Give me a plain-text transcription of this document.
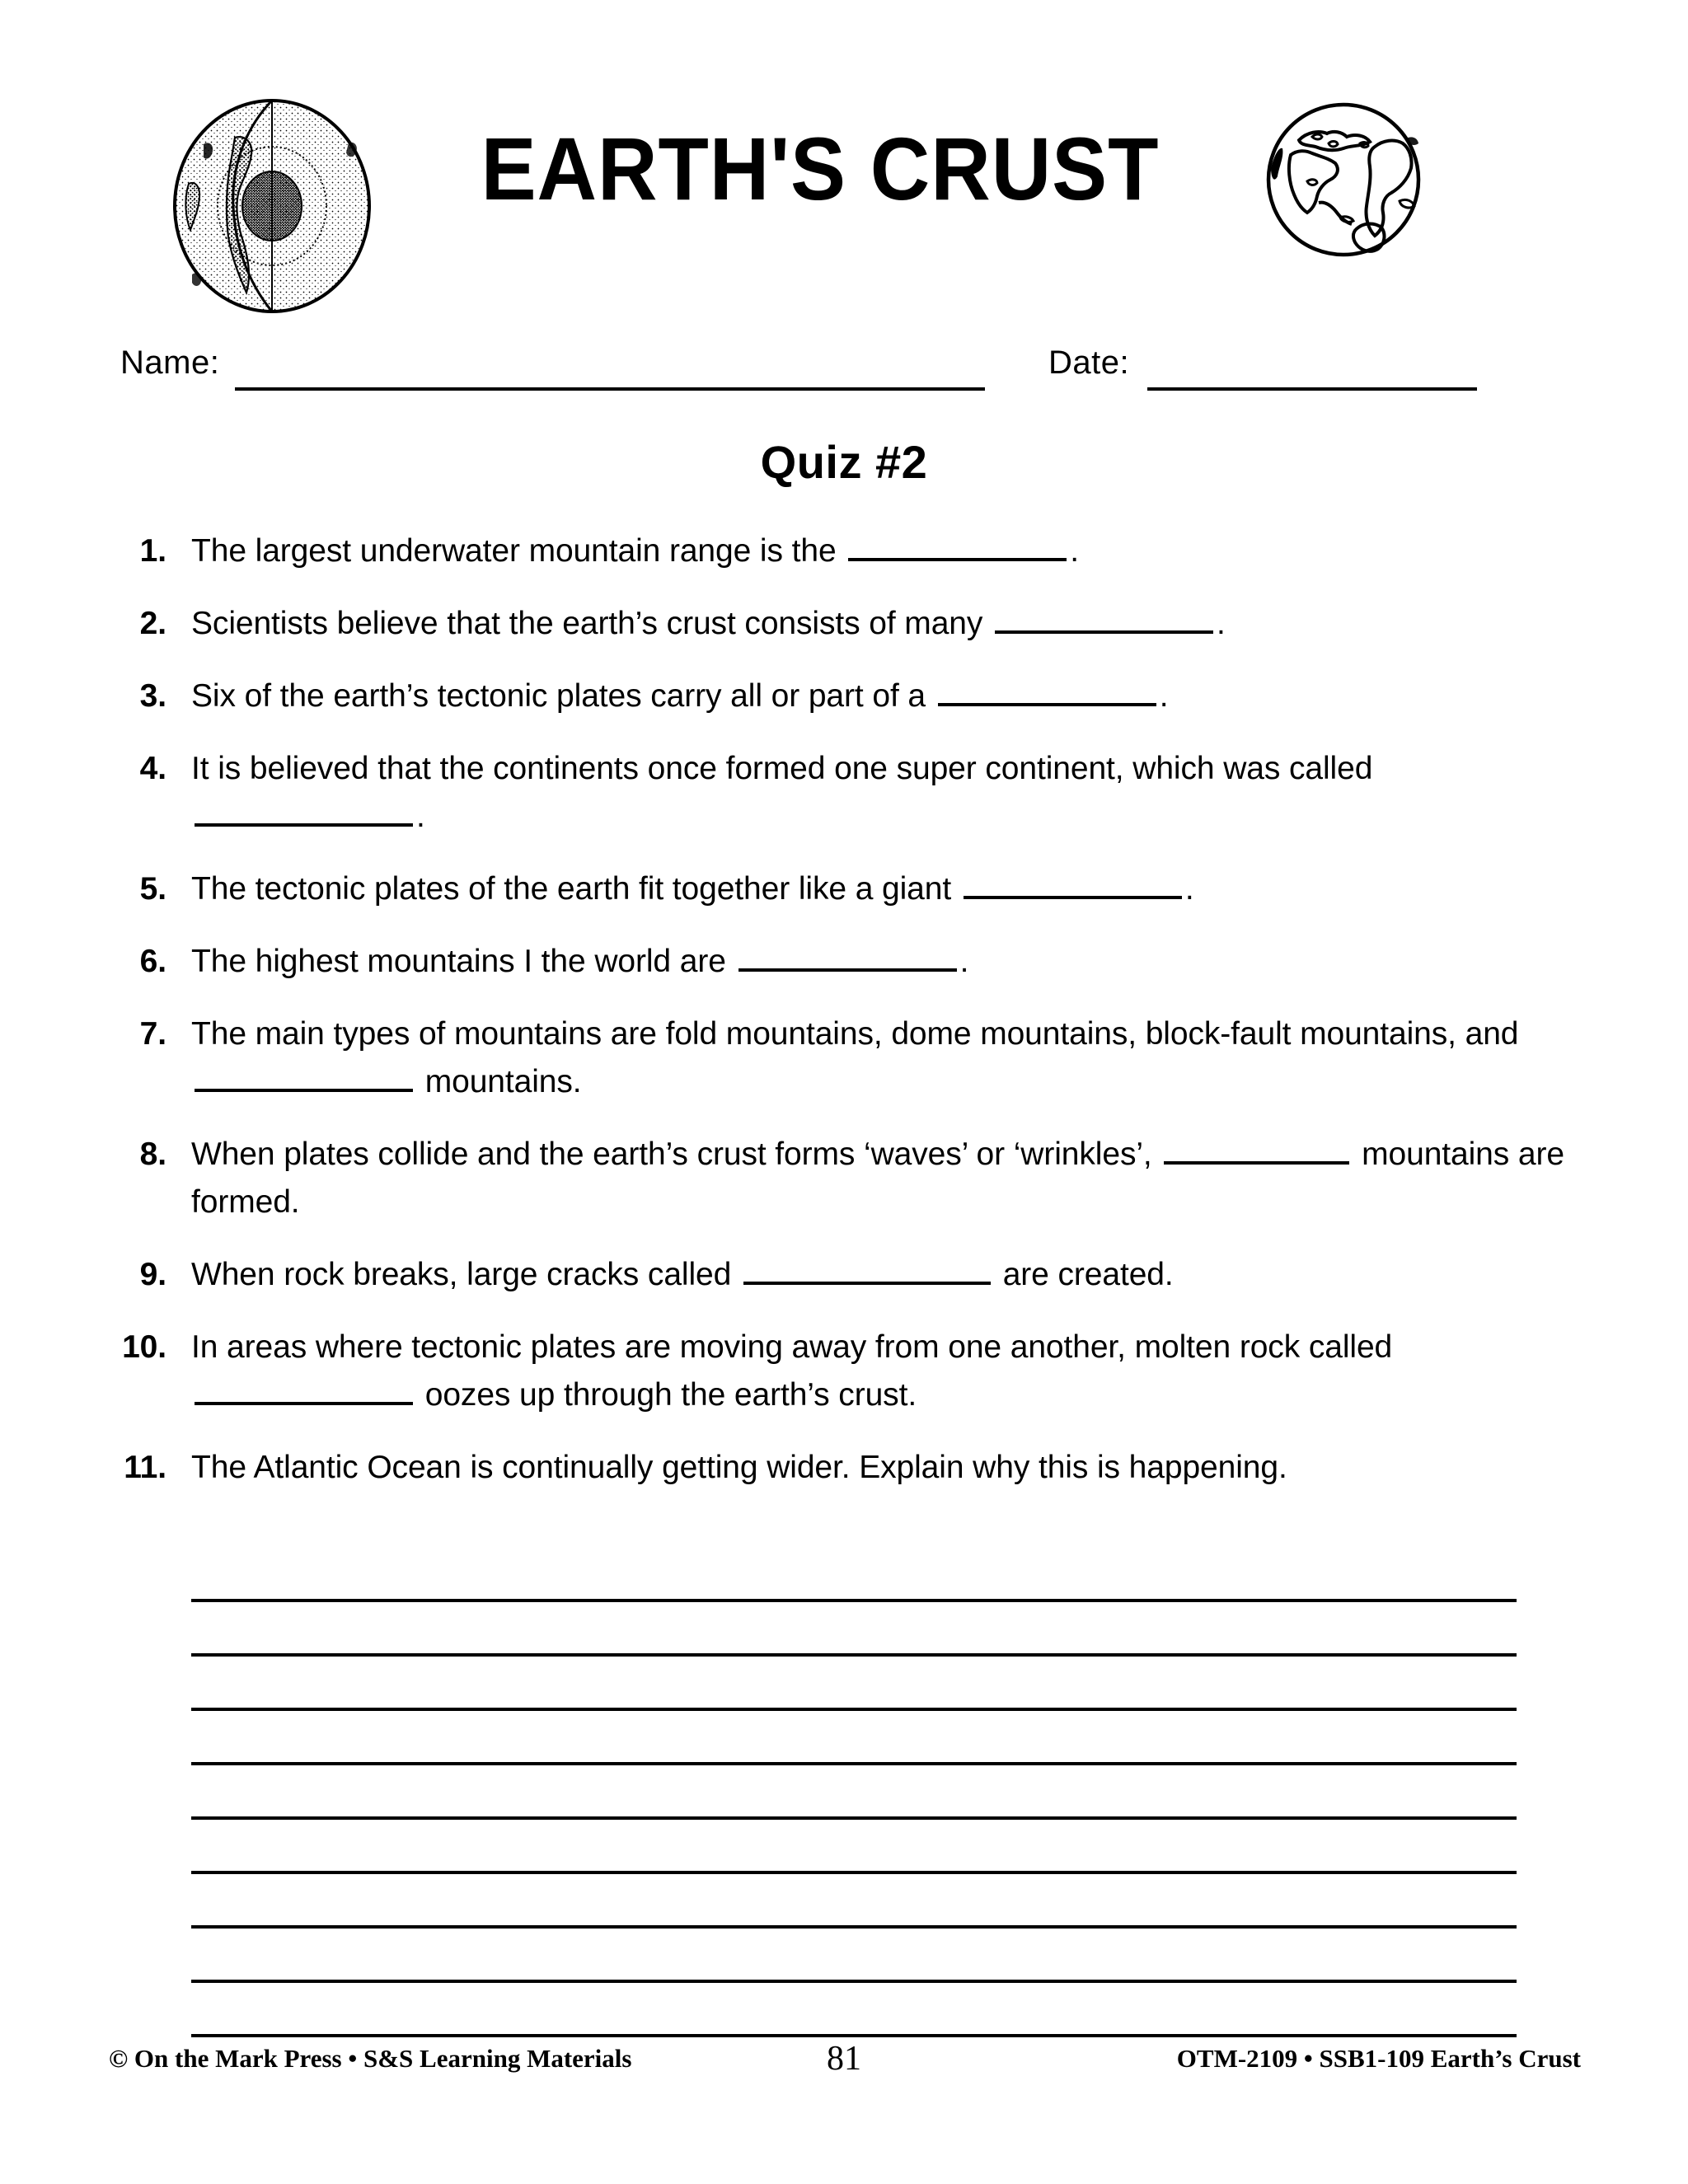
EARTH'S CRUST
Name:	Date:
Quiz #2
1. The largest underwater mountain range is the	.
2. Scientists believe that the earth’s crust consists of many	.
3. Six of the earth’s tectonic plates carry all or part of a	.
4. It is believed that the continents once formed one super continent, which was called .
5. The tectonic plates of the earth fit together like a giant	.
6. The highest mountains I the world are	.
7. The main types of mountains are fold mountains, dome mountains, block-fault mountains, and  mountains.
8. When plates collide and the earth’s crust forms ‘waves’ or ‘wrinkles’,	mountains are formed.
9. When rock breaks, large cracks called	are created.
10. In areas where tectonic plates are moving away from one another, molten rock called  oozes up through the earth’s crust.
11. The Atlantic Ocean is continually getting wider. Explain why this is happening.
© On the Mark Press • S&S Learning Materials	81	OTM-2109 • SSB1-109 Earth’s Crust
